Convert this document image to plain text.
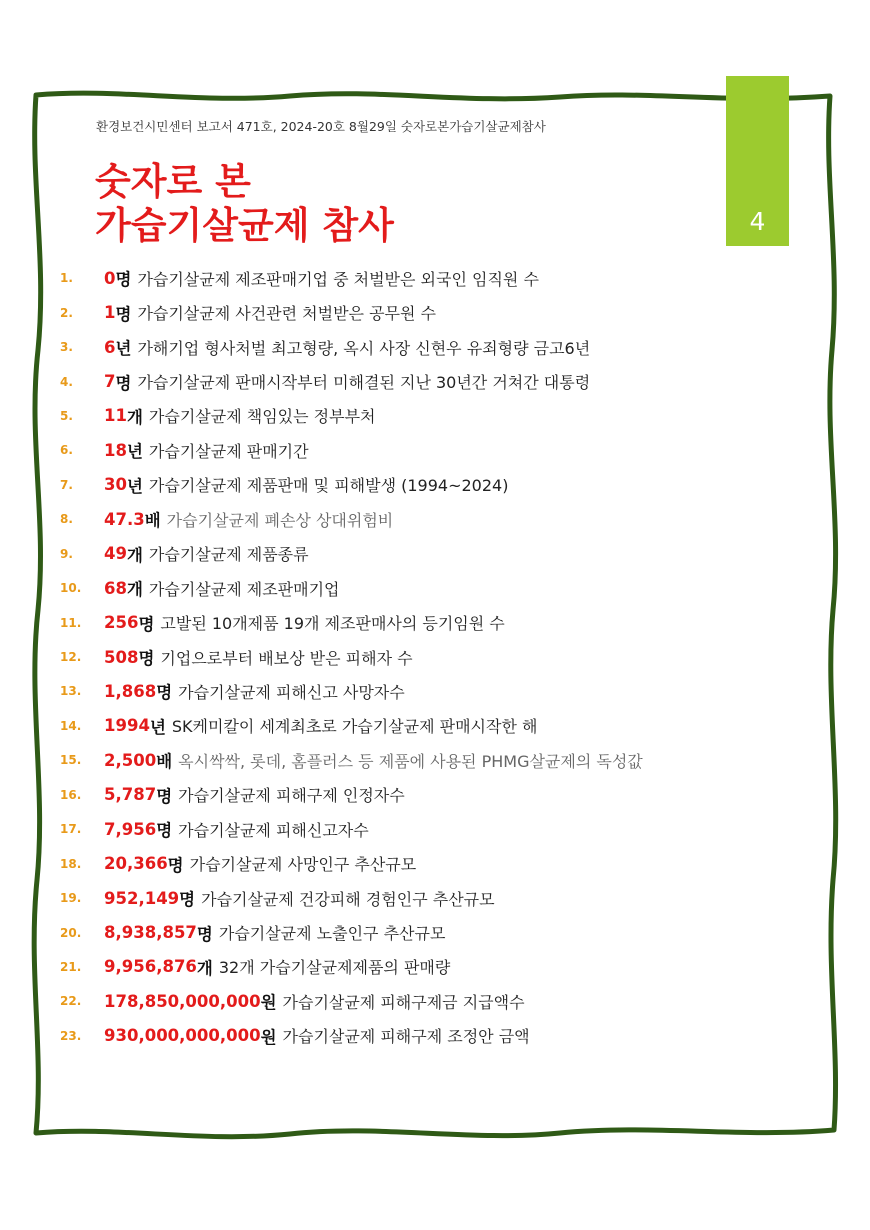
4
환경보건시민센터 보고서 471호, 2024-20호 8월29일 숫자로본가습기살균제참사
숫자로 본
가습기살균제 참사
1.	0 명 가습기살균제 제조판매기업 중 처벌받은 외국인 임직원 수
2.	1 명 가습기살균제 사건관련 처벌받은 공무원 수
3.	6 년 가해기업 형사처벌 최고형량, 옥시 사장 신현우 유죄형량 금고6년
4.	7 명 가습기살균제 판매시작부터 미해결된 지난 30년간 거쳐간 대통령
5.	11 개 가습기살균제 책임있는 정부부처
6.	18 년 가습기살균제 판매기간
7.	30 년 가습기살균제 제품판매 및 피해발생 (1994~2024)
8.	47.3 배 가습기살균제 폐손상 상대위험비
9.	49 개 가습기살균제 제품종류
10.	68 개 가습기살균제 제조판매기업
11.	256 명 고발된 10개제품 19개 제조판매사의 등기임원 수
12.	508 명 기업으로부터 배보상 받은 피해자 수
13.	1,868 명 가습기살균제 피해신고 사망자수
14.	1994 년 SK케미칼이 세계최초로 가습기살균제 판매시작한 해
15.	2,500 배 옥시싹싹, 롯데, 홈플러스 등 제품에 사용된 PHMG살균제의 독성값
16.	5,787 명 가습기살균제 피해구제 인정자수
17.	7,956 명 가습기살균제 피해신고자수
18.	20,366 명 가습기살균제 사망인구 추산규모
19.	952,149 명 가습기살균제 건강피해 경험인구 추산규모
20.	8,938,857 명 가습기살균제 노출인구 추산규모
21.	9,956,876 개 32개 가습기살균제제품의 판매량
22.	178,850,000,000 원 가습기살균제 피해구제금 지급액수
23.	930,000,000,000 원 가습기살균제 피해구제 조정안 금액
